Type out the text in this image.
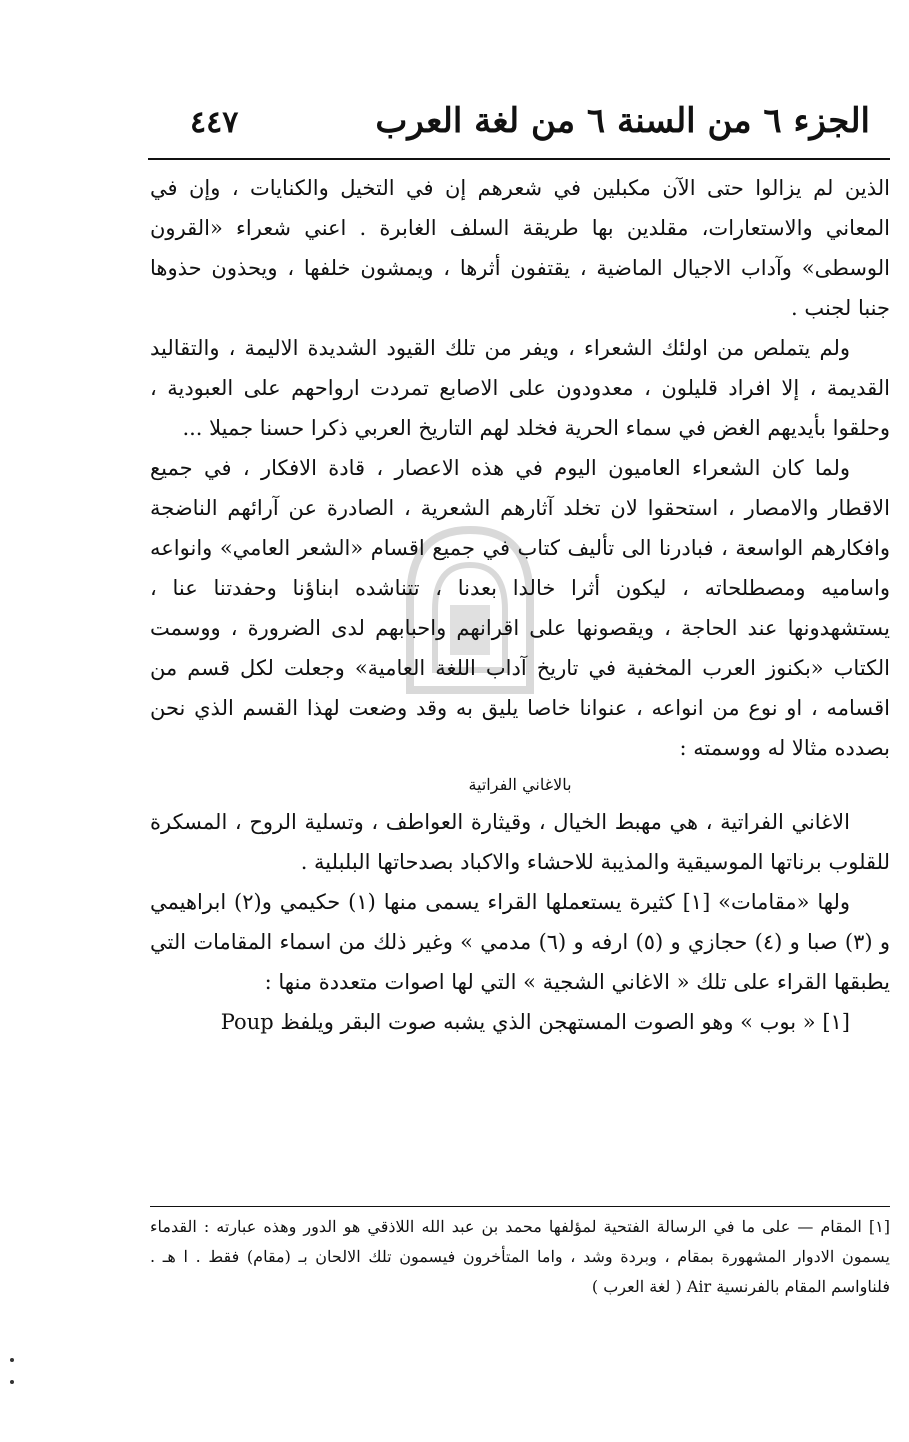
الجزء ٦ من السنة ٦ من لغة العرب
٤٤٧

الذين لم يزالوا حتى الآن مكبلين في شعرهم إن في التخيل والكنايات ، وإن في المعاني والاستعارات، مقلدين بها طريقة السلف الغابرة . اعني شعراء «القرون الوسطى» وآداب الاجيال الماضية ، يقتفون أثرها ، ويمشون خلفها ، ويحذون حذوها جنبا لجنب .

ولم يتملص من اولئك الشعراء ، ويفر من تلك القيود الشديدة الاليمة ، والتقاليد القديمة ، إلا افراد قليلون ، معدودون على الاصابع تمردت ارواحهم على العبودية ، وحلقوا بأيديهم الغض في سماء الحرية فخلد لهم التاريخ العربي ذكرا حسنا جميلا ...

ولما كان الشعراء العاميون اليوم في هذه الاعصار ، قادة الافكار ، في جميع الاقطار والامصار ، استحقوا لان تخلد آثارهم الشعرية ، الصادرة عن آرائهم الناضجة وافكارهم الواسعة ، فبادرنا الى تأليف كتاب في جميع اقسام «الشعر العامي» وانواعه واساميه ومصطلحاته ، ليكون أثرا خالدا بعدنا ، تتناشده ابناؤنا وحفدتنا عنا ، يستشهدونها عند الحاجة ، ويقصونها على اقرانهم واحبابهم لدى الضرورة ، ووسمت الكتاب «بكنوز العرب المخفية في تاريخ آداب اللغة العامية» وجعلت لكل قسم من اقسامه ، او نوع من انواعه ، عنوانا خاصا يليق به وقد وضعت لهذا القسم الذي نحن بصدده مثالا له ووسمته :

بالاغاني الفراتية

الاغاني الفراتية ، هي مهبط الخيال ، وقيثارة العواطف ، وتسلية الروح ، المسكرة للقلوب برناتها الموسيقية والمذيبة للاحشاء والاكباد بصدحاتها البلبلية .

ولها «مقامات» [١] كثيرة يستعملها القراء يسمى منها (١) حكيمي و(٢) ابراهيمي و (٣) صبا و (٤) حجازي و (٥) ارفه و (٦) مدمي » وغير ذلك من اسماء المقامات التي يطبقها القراء على تلك « الاغاني الشجية » التي لها اصوات متعددة منها :

[١] « بوب » وهو الصوت المستهجن الذي يشبه صوت البقر ويلفظ Poup

[١] المقام — على ما في الرسالة الفتحية لمؤلفها محمد بن عبد الله اللاذقي هو الدور وهذه عبارته : القدماء يسمون الادوار المشهورة بمقام ، وبردة وشد ، واما المتأخرون فيسمون تلك الالحان بـ (مقام) فقط . ا هـ . فلناواسم المقام بالفرنسية Air ( لغة العرب )
